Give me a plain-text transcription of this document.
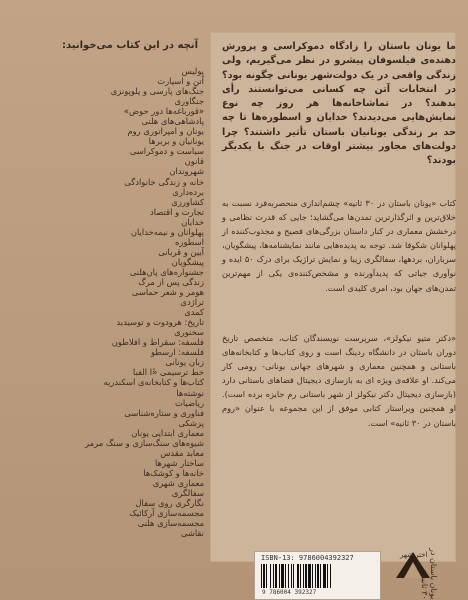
ما یونان باستان را زادگاه دموکراسی و پرورش دهنده‌ی فیلسوفان پیشرو در نظر می‌گیریم، ولی زندگی واقعی در یک دولت‌شهر یونانی چگونه بود؟ در انتخابات آتن چه کسانی می‌توانستند رأی بدهند؟ در تماشاخانه‌ها هر روز چه نوع نمایش‌هایی می‌دیدند؟ خدایان و اسطوره‌ها تا چه حد بر زندگی یونانیان باستان تأثیر داشتند؟ چرا دولت‌های مجاور بیشتر اوقات در جنگ با یکدیگر بودند؟
کتاب «یونان باستان در ۳۰ ثانیه» چشم‌اندازی منحصربه‌فرد نسبت به خلاق‌ترین و اثرگذارترین تمدن‌ها می‌گشاید؛ جایی که قدرت نظامی و درخشش معماری در کنار داستان بزرگی‌های فصیح و مجذوب‌کننده از پهلوانان شکوفا شد. توجه به پدیده‌هایی مانند نمایشنامه‌ها، پیشگویان، سرباران، بردهها، سفالگری زیبا و نمایش تراژیک برای درک ۵۰ ایده و نوآوری جیاتی که پدیدآورنده و مشخص‌کننده‌ی یکی از مهم‌ترین تمدن‌های جهان بود، امری کلیدی است.
«دکتر متیو نیکولز»، سرپرست نویسندگان کتاب، متخصص تاریخ دوران باستان در دانشگاه ردینگ است و روی کتاب‌ها و کتابخانه‌های باستانی و همچنین معماری و شهرهای جهانی یونانی- رومی کار می‌کند. او علاقه‌ی ویژه ای به بازسازی دیجیتال فضاهای باستانی دارد (بازسازی دیجیتال دکتر نیکولز از شهر باستانی رم جایزه برده است). او همچنین ویراستار کتابی موفق از این مجموعه با عنوان «روم باستان در ۳۰ ثانیه» است.
آنچه در این کتاب می‌خوانید:
پولیس
آتن و اسپارت
جنگ‌های پارسی و پلوپونزی
جنگاوری
«قورباغه‌ها دور حوض»
پادشاهی‌های هلنی
یونان و امپراتوری روم
یونانیان و بربرها
سیاست و دموکراسی
قانون
شهروندان
خانه و زندگی خانوادگی
برده‌داری
کشاورزی
تجارت و اقتصاد
خدایان
پهلوانان و نیمه‌خدایان
اسطوره
آیین و قربانی
پیشگویان
جشنواره‌های پان‌هلنی
زندگی پس از مرگ
هومر و شعر حماسی
تراژدی
کمدی
تاریخ: هرودوت و توسیدید
سخنوری
فلسفه: سقراط و افلاطون
فلسفه: ارسطو
زبان یونانی
خط ترسیمی «ٔا الفبا
کتاب‌ها و کتابخانه‌ی اسکندریه
نوشته‌ها
ریاضیات
فناوری و ستاره‌شناسی
پزشکی
معماری ابتدایی یونان
شیوه‌های سنگ‌سازی و سنگ مرمر
معابد مقدس
ساختار شهرها
خانه‌ها و کوشک‌ها
معماری شهری
سفالگری
نگارگری روی سفال
مجسمه‌سازی آرکائیک
مجسمه‌سازی هلنی
نقاشی
ISBN-13: 9786004392327
9 786004 392327
اختر شهر یونان باستان در ۳۰ ثانیه
